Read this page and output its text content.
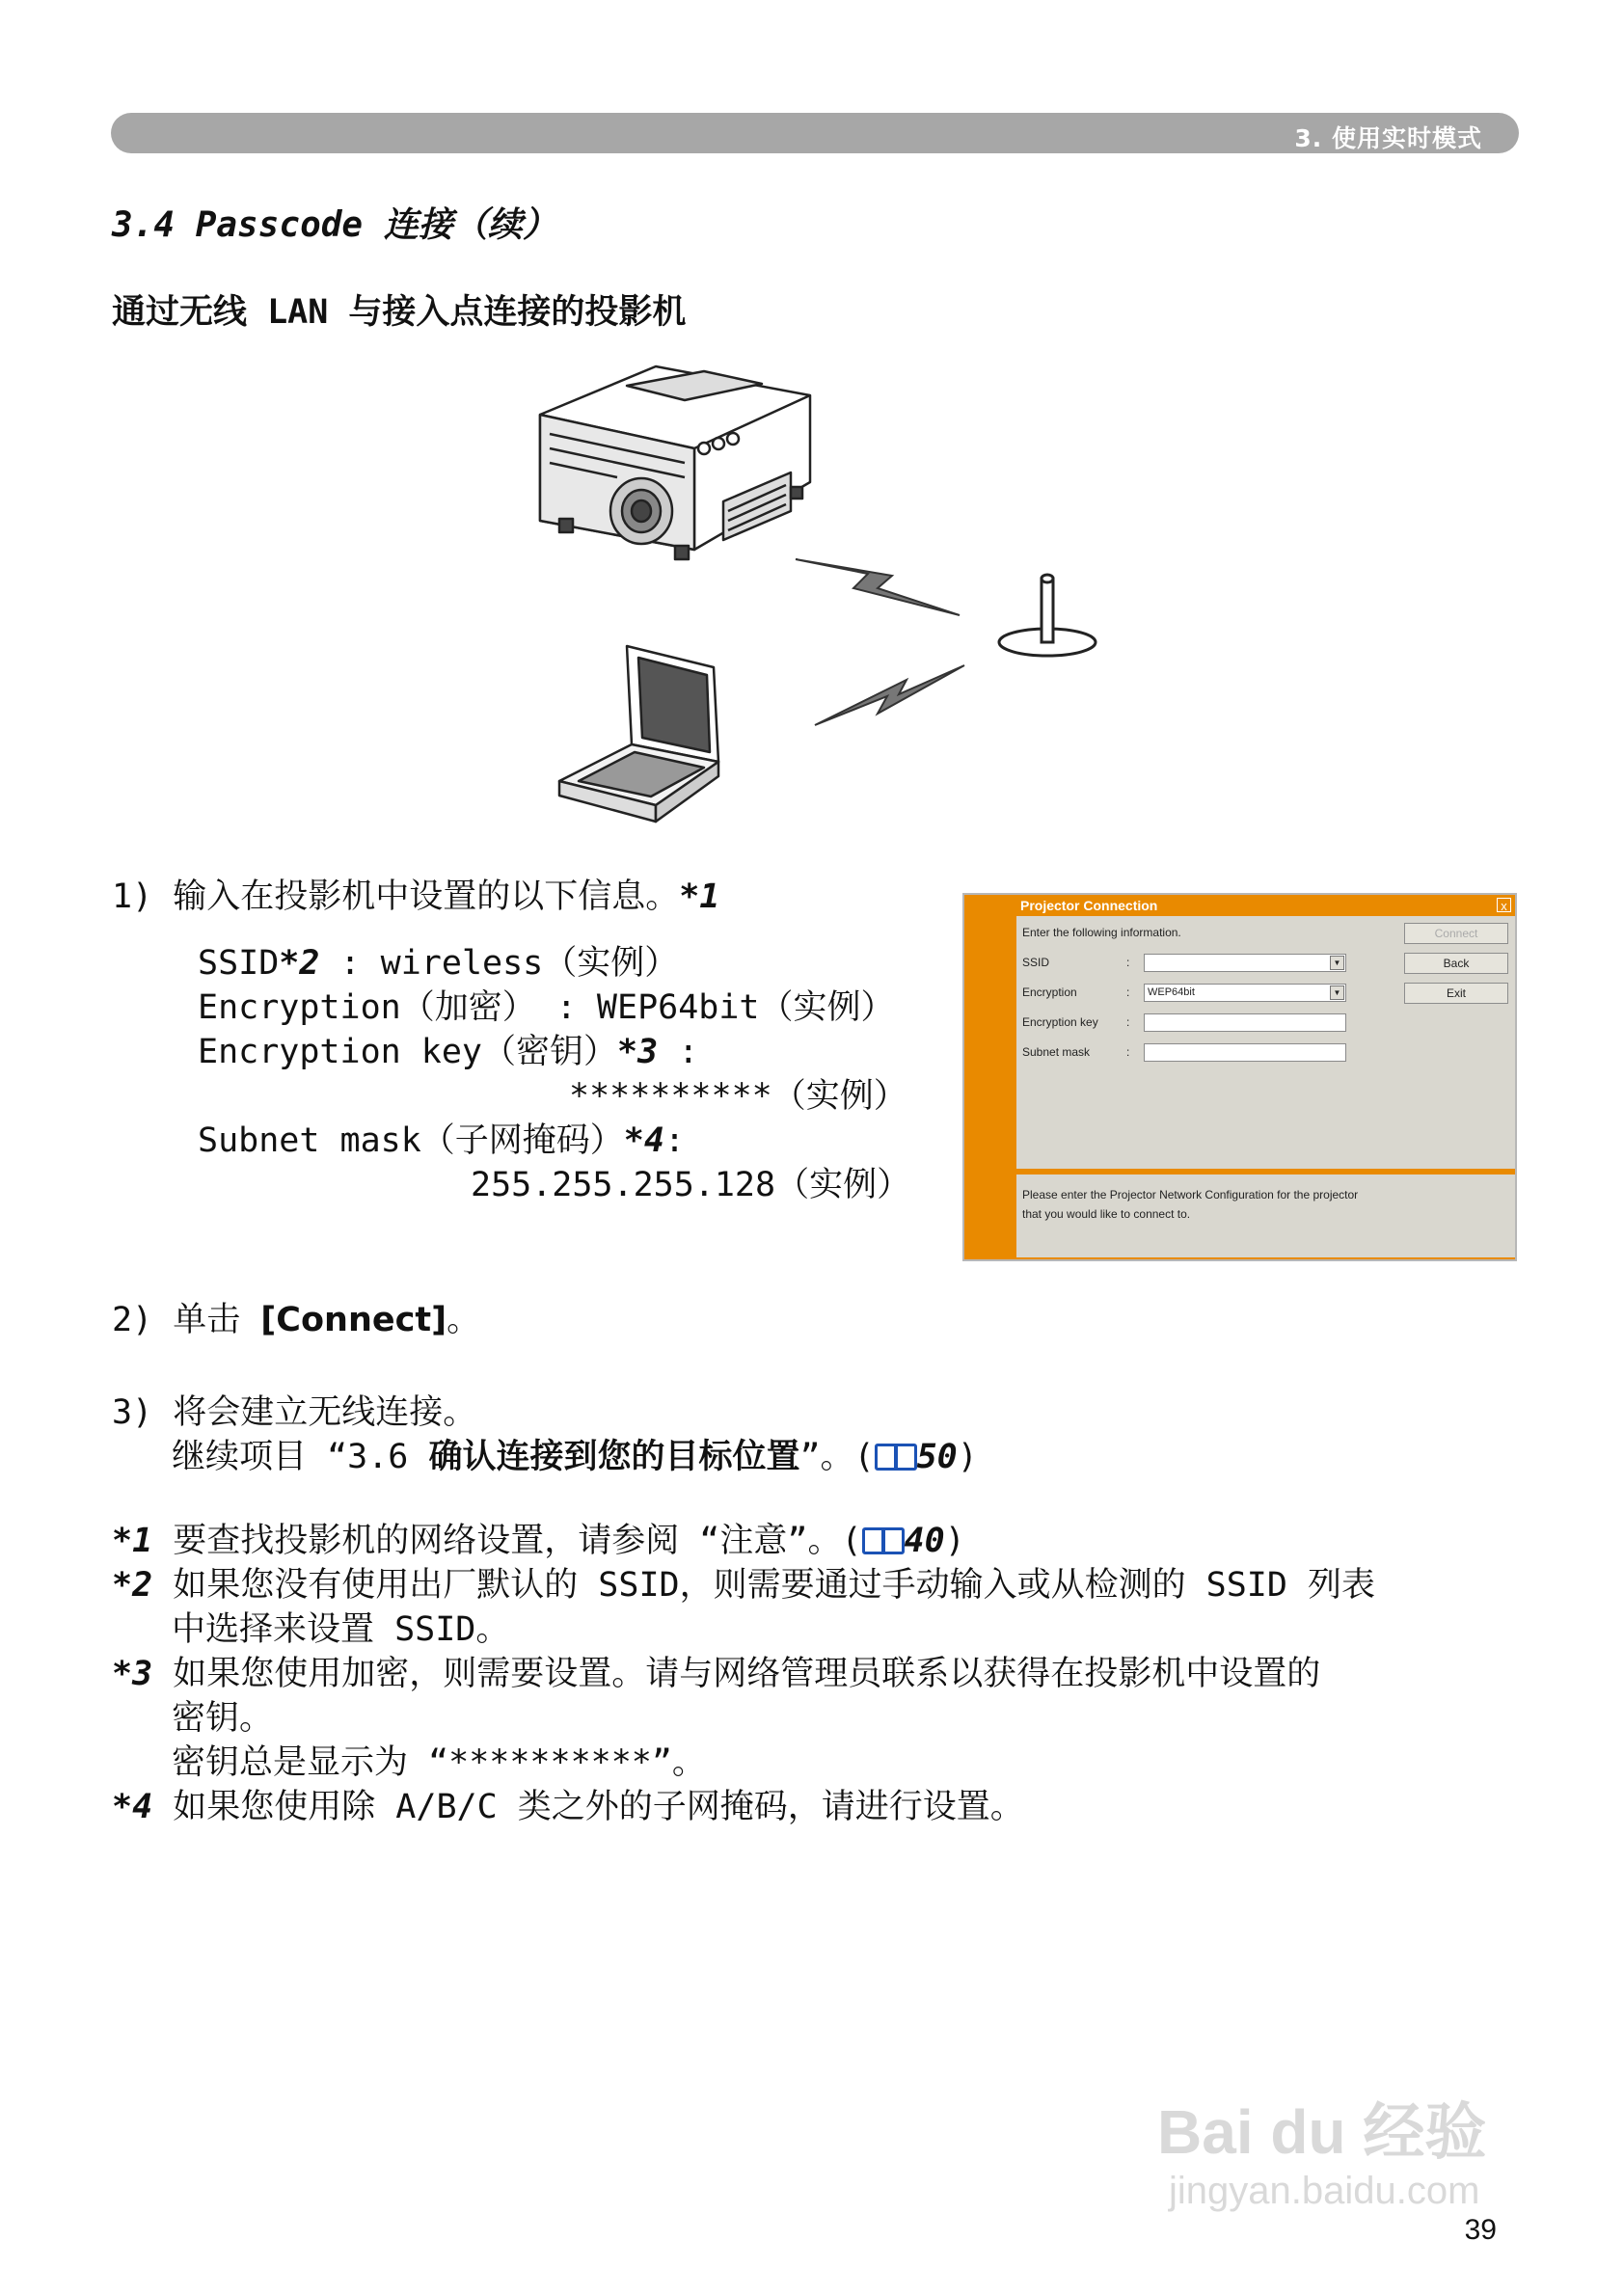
3. 使用实时模式
3.4 Passcode 连接（续）
通过无线 LAN 与接入点连接的投影机
1) 输入在投影机中设置的以下信息。*1
SSID*2 : wireless（实例）
Encryption（加密） : WEP64bit（实例）
Encryption key（密钥）*3 :
**********（实例）
Subnet mask（子网掩码）*4:
255.255.255.128（实例）
Projector Connection	x
Enter the following information.
SSID	:	▼
Encryption	:	WEP64bit	▼
Encryption key :
Subnet mask	:
Connect
Back
Exit
Please enter the Projector Network Configuration for the projector
that you would like to connect to.
2) 单击 [Connect]。
3) 将会建立无线连接。
继续项目 “3.6 确认连接到您的目标位置”。( 50)
*1 要查找投影机的网络设置，请参阅 “注意”。( 40)
*2 如果您没有使用出厂默认的 SSID，则需要通过手动输入或从检测的 SSID 列表
中选择来设置 SSID。
*3 如果您使用加密，则需要设置。请与网络管理员联系以获得在投影机中设置的
密钥。
密钥总是显示为 “**********”。
*4 如果您使用除 A/B/C 类之外的子网掩码，请进行设置。
Bai du 经验
jingyan.baidu.com
39
